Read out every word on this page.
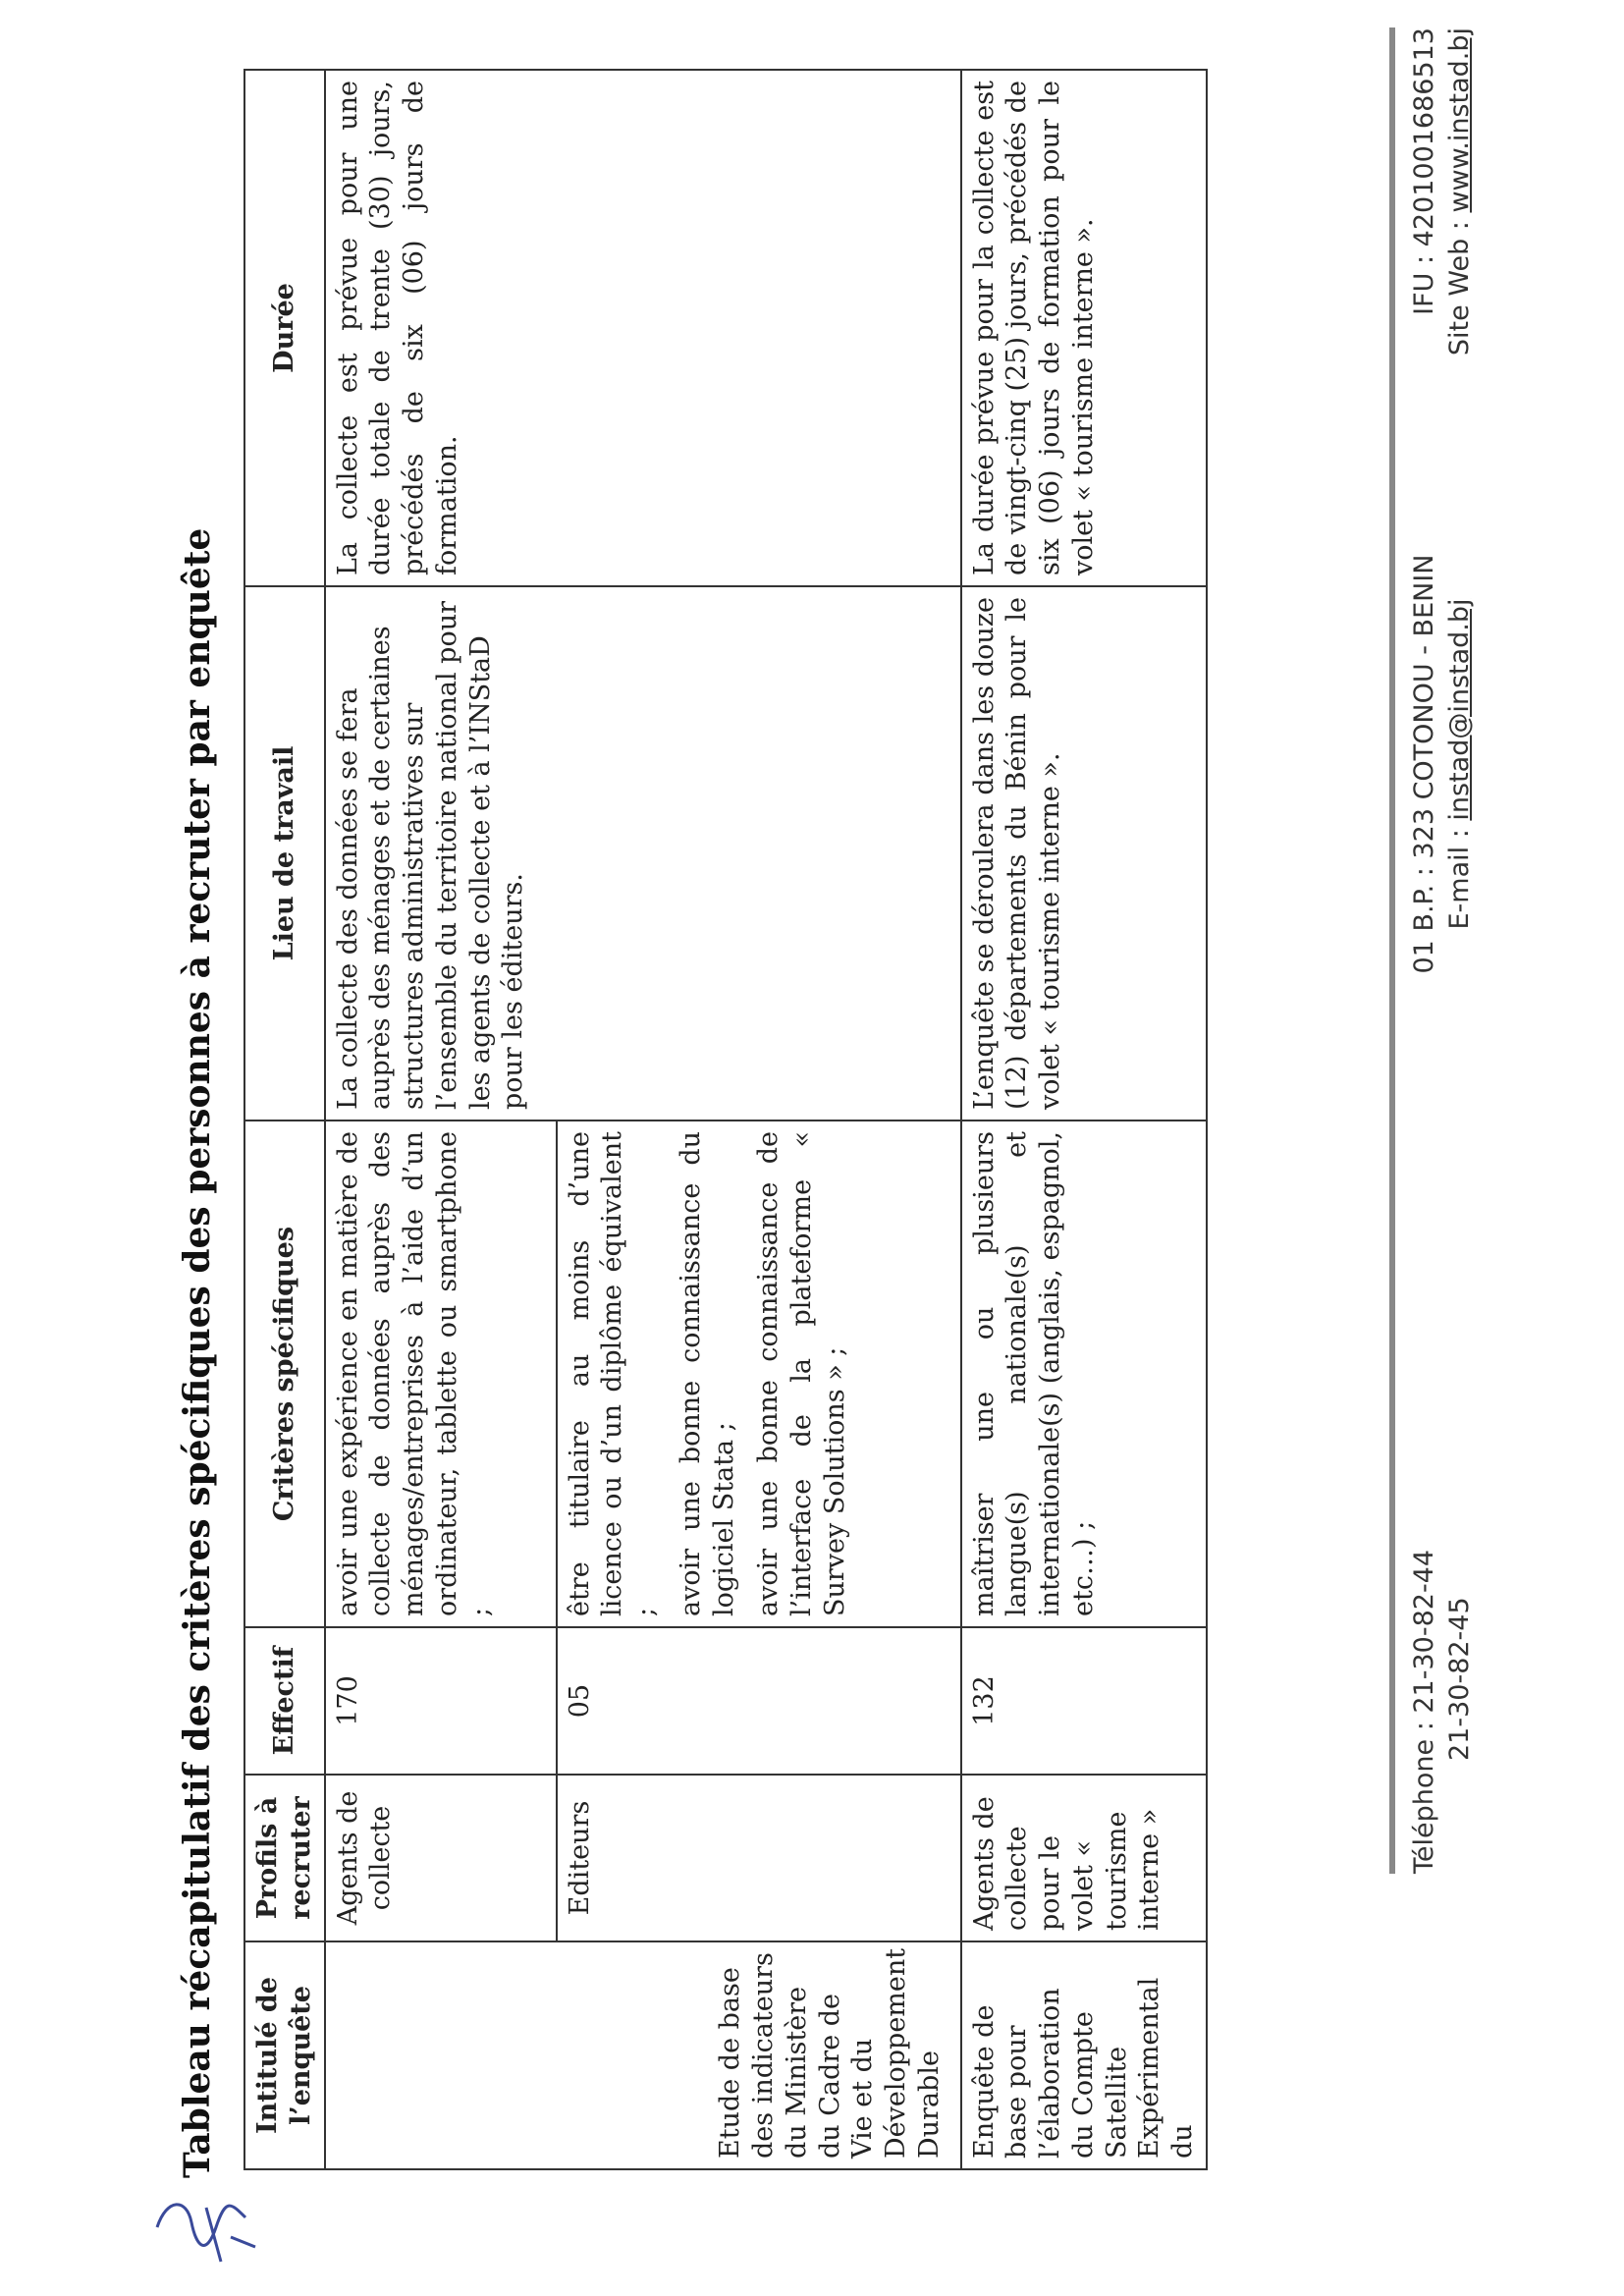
Tableau récapitulatif des critères spécifiques des personnes à recruter par enquête Intitulé de l’enquête	Profils à recruter	Effectif	Critères spécifiques	Lieu de travail	Durée
Etude de base des indicateurs du Ministère du Cadre de Vie et du Développement Durable	Agents de collecte	170	avoir une expérience en matière de collecte de données auprès des ménages/entreprises à l’aide d’un ordinateur, tablette ou smartphone ;	La collecte des données se fera auprès des ménages et de certaines structures administratives sur l’ensemble du territoire national pour les agents de collecte et à l’INStaD pour les éditeurs.	La collecte est prévue pour une durée totale de trente (30) jours, précédés de six (06) jours de formation.
	Editeurs	05	être titulaire au moins d’une licence ou d’un diplôme équivalent ; avoir une bonne connaissance du logiciel Stata ; avoir une bonne connaissance de l’interface de la plateforme « Survey Solutions » ;		

Enquête de base pour l’élaboration du Compte Satellite Expérimental du	Agents de collecte pour le volet « tourisme interne »	132	maîtriser une ou plusieurs langue(s) nationale(s) et internationale(s) (anglais, espagnol, etc…) ;	L’enquête se déroulera dans les douze (12) départements du Bénin pour le volet « tourisme interne ».	La durée prévue pour la collecte est de vingt-cinq (25) jours, précédés de six (06) jours de formation pour le volet « tourisme interne ».
Téléphone : 21-30-82-44 21-30-82-45
01 B.P. : 323 COTONOU - BENIN E-mail : instad@instad.bj
IFU : 4201001686513 Site Web : www.instad.bj
